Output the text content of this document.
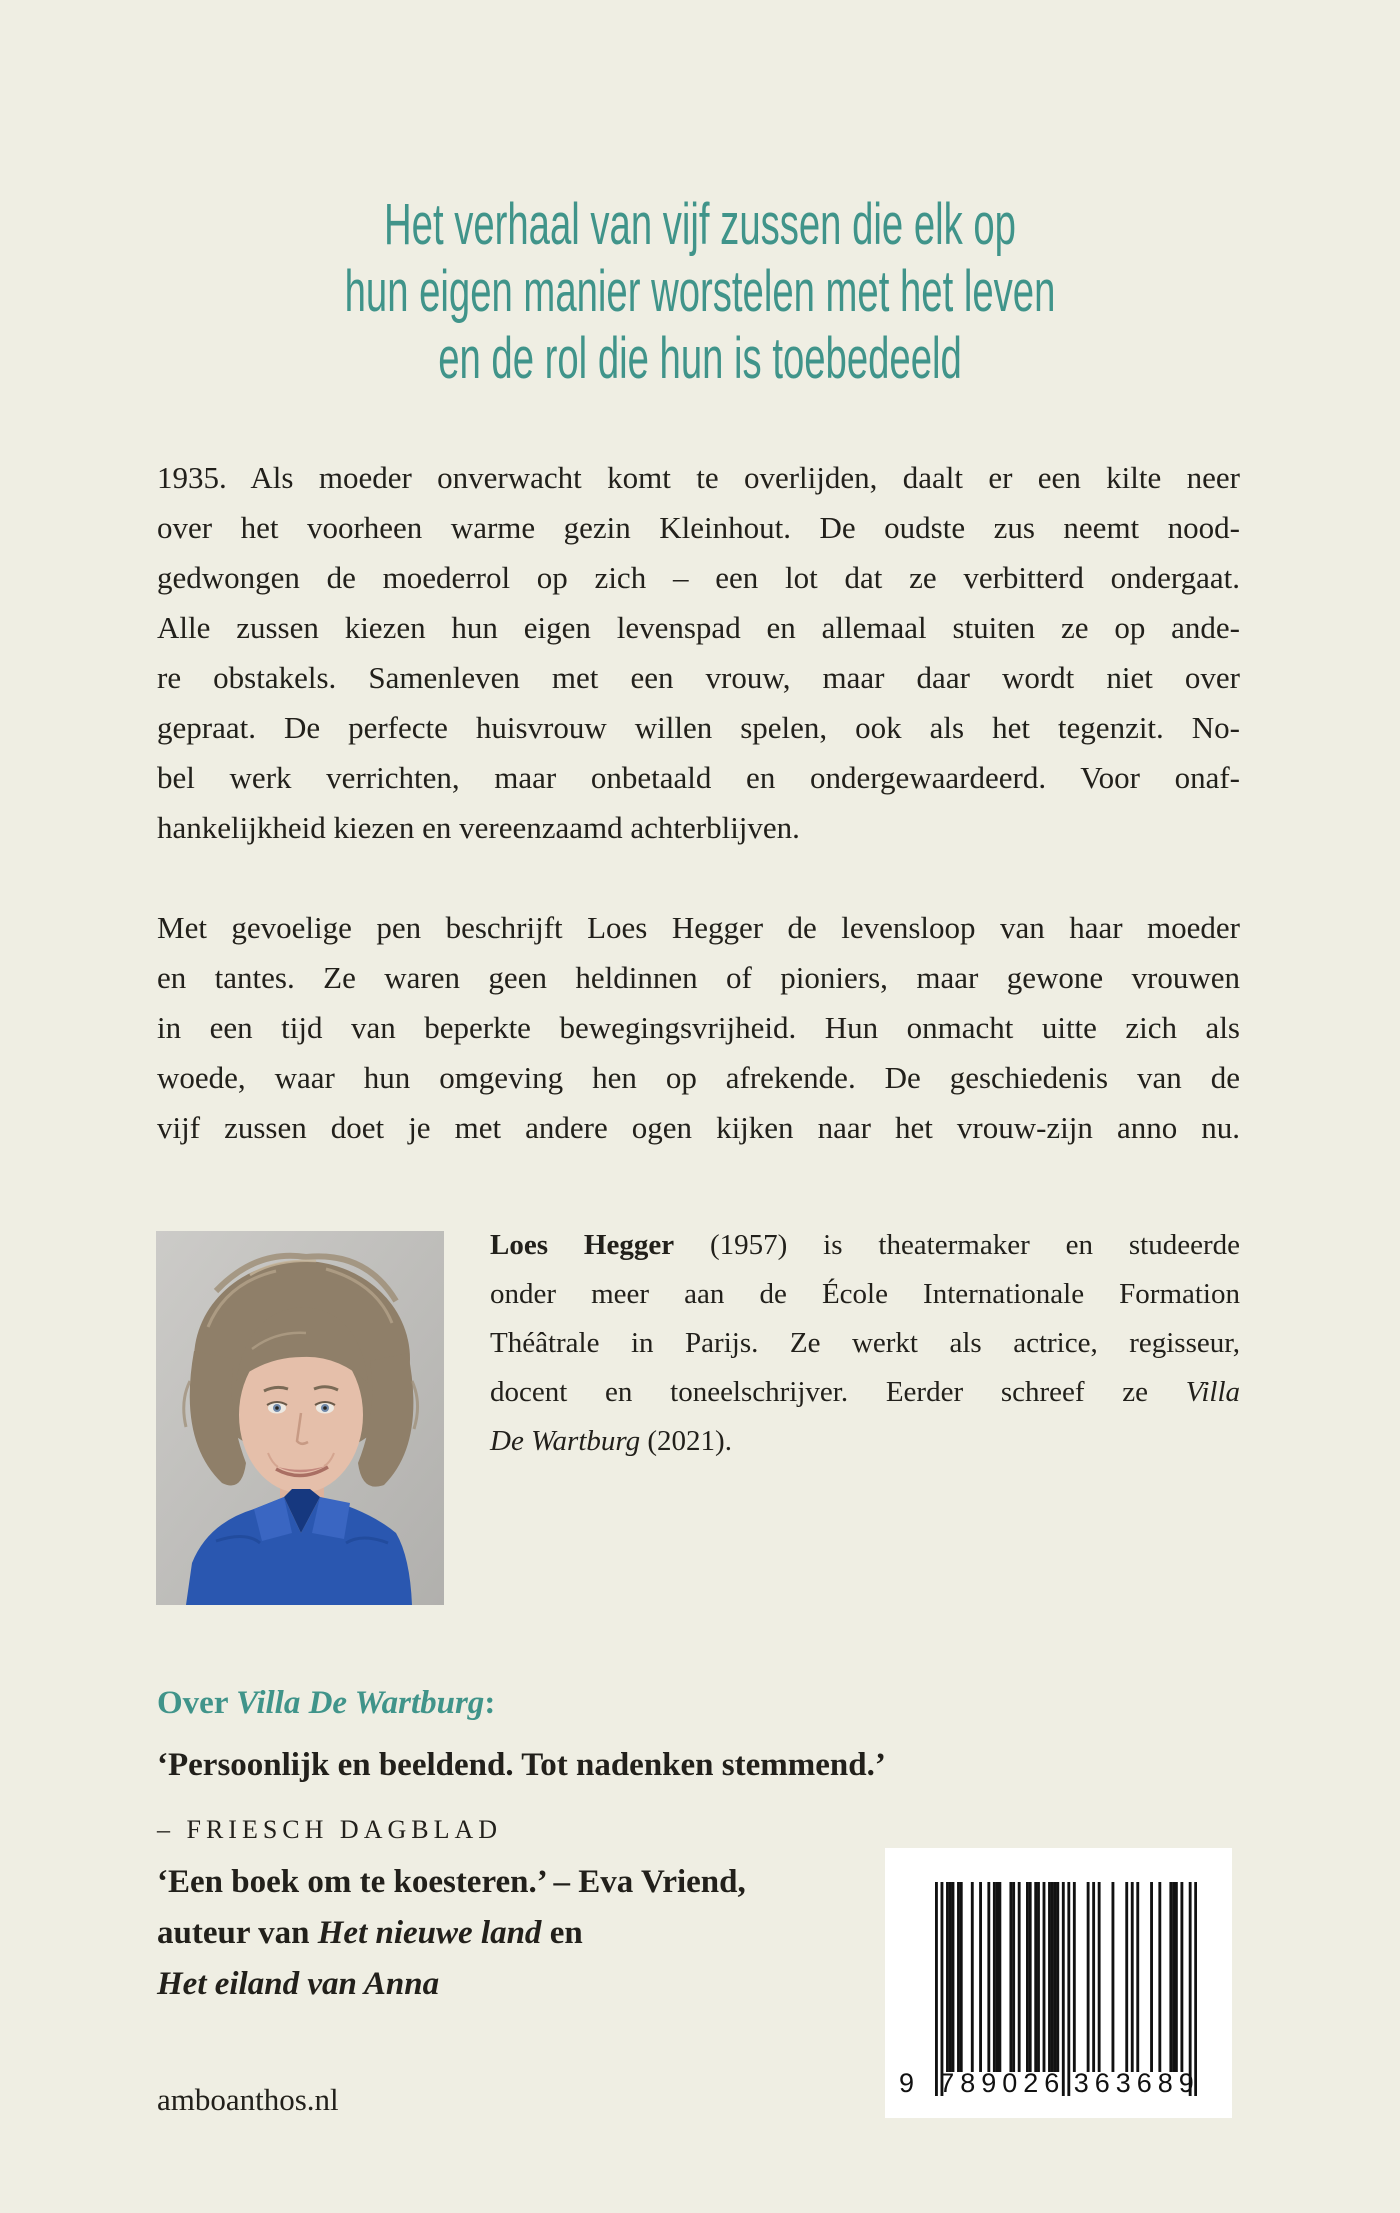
Het verhaal van vijf zussen die elk op
hun eigen manier worstelen met het leven
en de rol die hun is toebedeeld
1935. Als moeder onverwacht komt te overlijden, daalt er een kilte neer
over het voorheen warme gezin Kleinhout. De oudste zus neemt nood-
gedwongen de moederrol op zich – een lot dat ze verbitterd ondergaat.
Alle zussen kiezen hun eigen levenspad en allemaal stuiten ze op ande-
re obstakels. Samenleven met een vrouw, maar daar wordt niet over
gepraat. De perfecte huisvrouw willen spelen, ook als het tegenzit. No-
bel werk verrichten, maar onbetaald en ondergewaardeerd. Voor onaf-
hankelijkheid kiezen en vereenzaamd achterblijven.
Met gevoelige pen beschrijft Loes Hegger de levensloop van haar moeder
en tantes. Ze waren geen heldinnen of pioniers, maar gewone vrouwen
in een tijd van beperkte bewegingsvrijheid. Hun onmacht uitte zich als
woede, waar hun omgeving hen op afrekende. De geschiedenis van de
vijf zussen doet je met andere ogen kijken naar het vrouw-zijn anno nu.
Loes Hegger (1957) is theatermaker en studeerde
onder meer aan de École Internationale Formation
Théâtrale in Parijs. Ze werkt als actrice, regisseur,
docent en toneelschrijver. Eerder schreef ze Villa
De Wartburg (2021).
Over Villa De Wartburg:
‘Persoonlijk en beeldend. Tot nadenken stemmend.’
– FRIESCH DAGBLAD
‘Een boek om te koesteren.’ – Eva Vriend,
auteur van Het nieuwe land en
Het eiland van Anna
amboanthos.nl	9 789026 363689
